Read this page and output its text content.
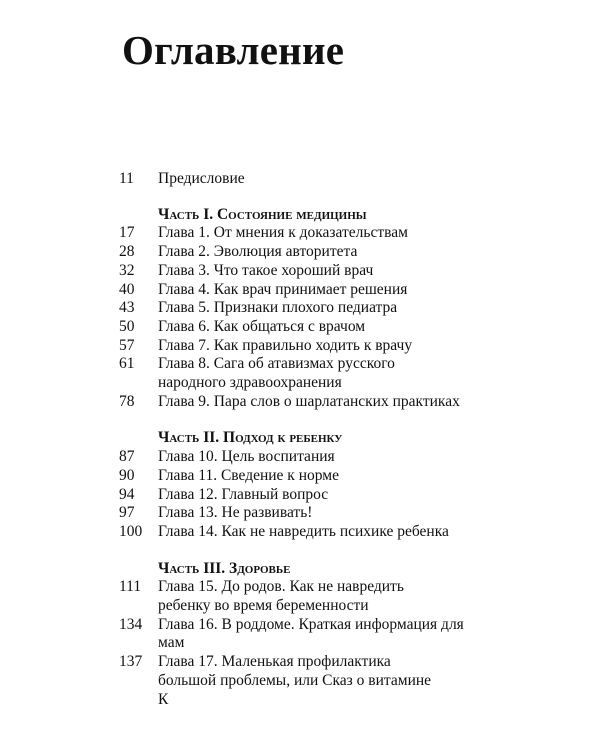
Оглавление
11	Предисловие
Часть I. Состояние медицины
17	Глава 1. От мнения к доказательствам
28	Глава 2. Эволюция авторитета
32	Глава 3. Что такое хороший врач
40	Глава 4. Как врач принимает решения
43	Глава 5. Признаки плохого педиатра
50	Глава 6. Как общаться с врачом
57	Глава 7. Как правильно ходить к врачу
61	Глава 8. Сага об атавизмах русского народного здравоохранения
78	Глава 9. Пара слов о шарлатанских практиках
Часть II. Подход к ребенку
87	Глава 10. Цель воспитания
90	Глава 11. Сведение к норме
94	Глава 12. Главный вопрос
97	Глава 13. Не развивать!
100	Глава 14. Как не навредить психике ребенка
Часть III. Здоровье
111	Глава 15. До родов. Как не навредить ребенку во время беременности
134	Глава 16. В роддоме. Краткая информация для мам
137	Глава 17. Маленькая профилактика большой проблемы, или Сказ о витамине К
